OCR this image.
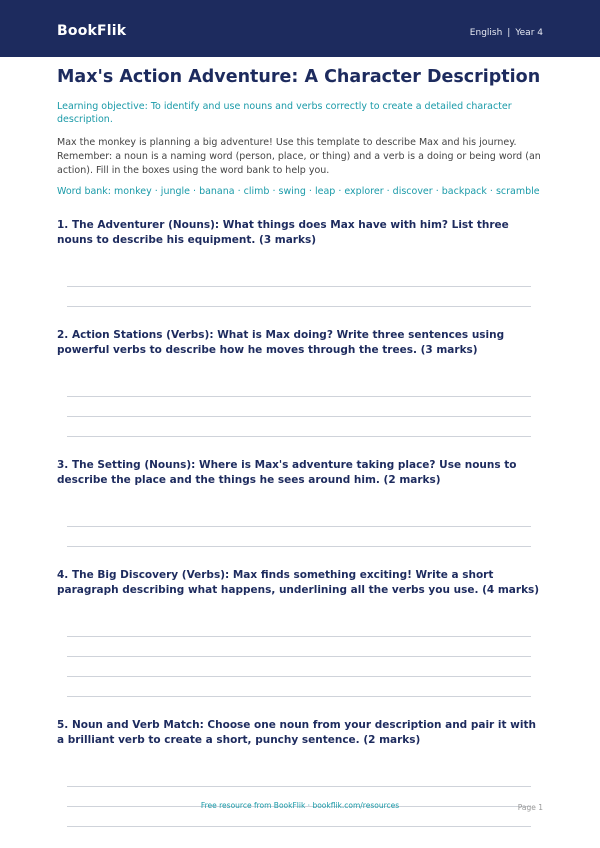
BookFlik	English | Year 4
Max's Action Adventure: A Character Description
Learning objective: To identify and use nouns and verbs correctly to create a detailed character description.
Max the monkey is planning a big adventure! Use this template to describe Max and his journey. Remember: a noun is a naming word (person, place, or thing) and a verb is a doing or being word (an action). Fill in the boxes using the word bank to help you.
Word bank: monkey · jungle · banana · climb · swing · leap · explorer · discover · backpack · scramble
1. The Adventurer (Nouns): What things does Max have with him? List three nouns to describe his equipment. (3 marks)
2. Action Stations (Verbs): What is Max doing? Write three sentences using powerful verbs to describe how he moves through the trees. (3 marks)
3. The Setting (Nouns): Where is Max's adventure taking place? Use nouns to describe the place and the things he sees around him. (2 marks)
4. The Big Discovery (Verbs): Max finds something exciting! Write a short paragraph describing what happens, underlining all the verbs you use. (4 marks)
5. Noun and Verb Match: Choose one noun from your description and pair it with a brilliant verb to create a short, punchy sentence. (2 marks)
Free resource from BookFlik · bookflik.com/resources	Page 1
